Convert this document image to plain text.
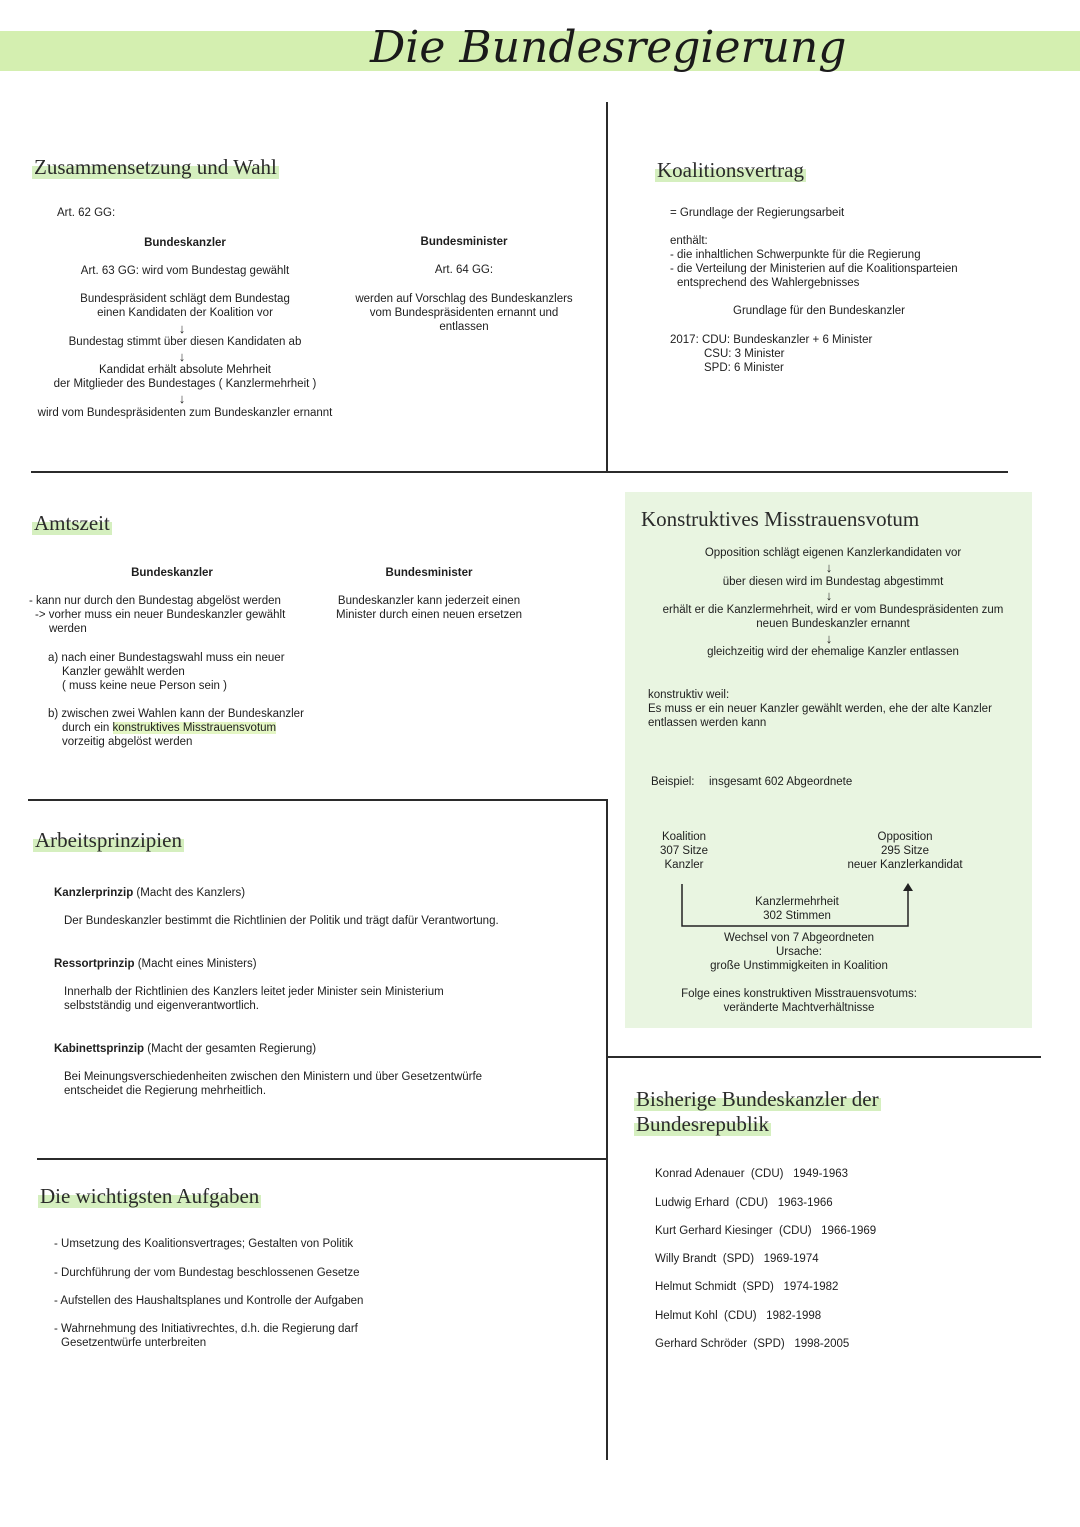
Die Bundesregierung
Zusammensetzung und Wahl
Art. 62 GG:
Bundeskanzler
Art. 63 GG: wird vom Bundestag gewählt
Bundespräsident schlägt dem Bundestag
einen Kandidaten der Koalition vor
↓
Bundestag stimmt über diesen Kandidaten ab
↓
Kandidat erhält absolute Mehrheit
der Mitglieder des Bundestages ( Kanzlermehrheit )
↓
wird vom Bundespräsidenten zum Bundeskanzler ernannt
Bundesminister
Art. 64 GG:
werden auf Vorschlag des Bundeskanzlers
vom Bundespräsidenten ernannt und
entlassen
Koalitionsvertrag
= Grundlage der Regierungsarbeit
enthält:
- die inhaltlichen Schwerpunkte für die Regierung
- die Verteilung der Ministerien auf die Koalitionsparteien
entsprechend des Wahlergebnisses
Grundlage für den Bundeskanzler
2017: CDU: Bundeskanzler + 6 Minister
CSU: 3 Minister
SPD: 6 Minister
Amtszeit
Bundeskanzler
- kann nur durch den Bundestag abgelöst werden
-> vorher muss ein neuer Bundeskanzler gewählt
werden
a) nach einer Bundestagswahl muss ein neuer
Kanzler gewählt werden
( muss keine neue Person sein )
b) zwischen zwei Wahlen kann der Bundeskanzler
durch ein konstruktives Misstrauensvotum
vorzeitig abgelöst werden
Bundesminister
Bundeskanzler kann jederzeit einen
Minister durch einen neuen ersetzen
Konstruktives Misstrauensvotum
Opposition schlägt eigenen Kanzlerkandidaten vor
↓
über diesen wird im Bundestag abgestimmt
↓
erhält er die Kanzlermehrheit, wird er vom Bundespräsidenten zum
neuen Bundeskanzler ernannt
↓
gleichzeitig wird der ehemalige Kanzler entlassen
konstruktiv weil:
Es muss er ein neuer Kanzler gewählt werden, ehe der alte Kanzler
entlassen werden kann
Beispiel: insgesamt 602 Abgeordnete
Koalition
307 Sitze
Kanzler
Opposition
295 Sitze
neuer Kanzlerkandidat
Kanzlermehrheit
302 Stimmen
Wechsel von 7 Abgeordneten
Ursache:
große Unstimmigkeiten in Koalition
Folge eines konstruktiven Misstrauensvotums:
veränderte Machtverhältnisse
Arbeitsprinzipien
Kanzlerprinzip (Macht des Kanzlers)
Der Bundeskanzler bestimmt die Richtlinien der Politik und trägt dafür Verantwortung.
Ressortprinzip (Macht eines Ministers)
Innerhalb der Richtlinien des Kanzlers leitet jeder Minister sein Ministerium
selbstständig und eigenverantwortlich.
Kabinettsprinzip (Macht der gesamten Regierung)
Bei Meinungsverschiedenheiten zwischen den Ministern und über Gesetzentwürfe
entscheidet die Regierung mehrheitlich.
Die wichtigsten Aufgaben
- Umsetzung des Koalitionsvertrages; Gestalten von Politik
- Durchführung der vom Bundestag beschlossenen Gesetze
- Aufstellen des Haushaltsplanes und Kontrolle der Aufgaben
- Wahrnehmung des Initiativrechtes, d.h. die Regierung darf
Gesetzentwürfe unterbreiten
Bisherige Bundeskanzler der
Bundesrepublik
Konrad Adenauer  (CDU)   1949-1963
Ludwig Erhard  (CDU)   1963-1966
Kurt Gerhard Kiesinger  (CDU)   1966-1969
Willy Brandt  (SPD)   1969-1974
Helmut Schmidt  (SPD)   1974-1982
Helmut Kohl  (CDU)   1982-1998
Gerhard Schröder  (SPD)   1998-2005
